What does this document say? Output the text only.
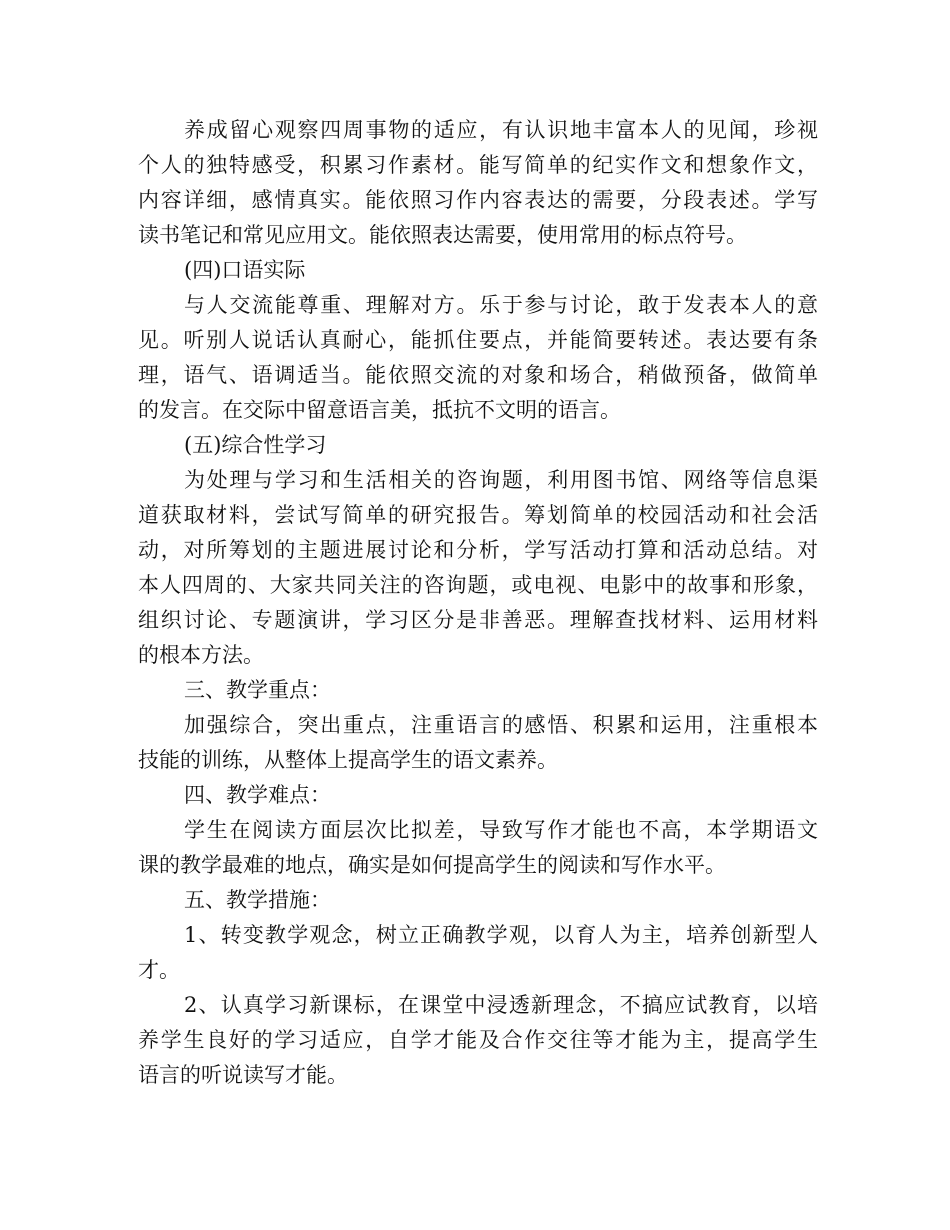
养成留心观察四周事物的适应，有认识地丰富本人的见闻，珍视
个人的独特感受，积累习作素材。能写简单的纪实作文和想象作文，
内容详细，感情真实。能依照习作内容表达的需要，分段表述。学写
读书笔记和常见应用文。能依照表达需要，使用常用的标点符号。
(四)口语实际
与人交流能尊重、理解对方。乐于参与讨论，敢于发表本人的意
见。听别人说话认真耐心，能抓住要点，并能简要转述。表达要有条
理，语气、语调适当。能依照交流的对象和场合，稍做预备，做简单
的发言。在交际中留意语言美，抵抗不文明的语言。
(五)综合性学习
为处理与学习和生活相关的咨询题，利用图书馆、网络等信息渠
道获取材料，尝试写简单的研究报告。筹划简单的校园活动和社会活
动，对所筹划的主题进展讨论和分析，学写活动打算和活动总结。对
本人四周的、大家共同关注的咨询题，或电视、电影中的故事和形象，
组织讨论、专题演讲，学习区分是非善恶。理解查找材料、运用材料
的根本方法。
三、教学重点：
加强综合，突出重点，注重语言的感悟、积累和运用，注重根本
技能的训练，从整体上提高学生的语文素养。
四、教学难点：
学生在阅读方面层次比拟差，导致写作才能也不高，本学期语文
课的教学最难的地点，确实是如何提高学生的阅读和写作水平。
五、教学措施：
1、转变教学观念，树立正确教学观，以育人为主，培养创新型人
才。
2、认真学习新课标，在课堂中浸透新理念，不搞应试教育，以培
养学生良好的学习适应，自学才能及合作交往等才能为主，提高学生
语言的听说读写才能。
